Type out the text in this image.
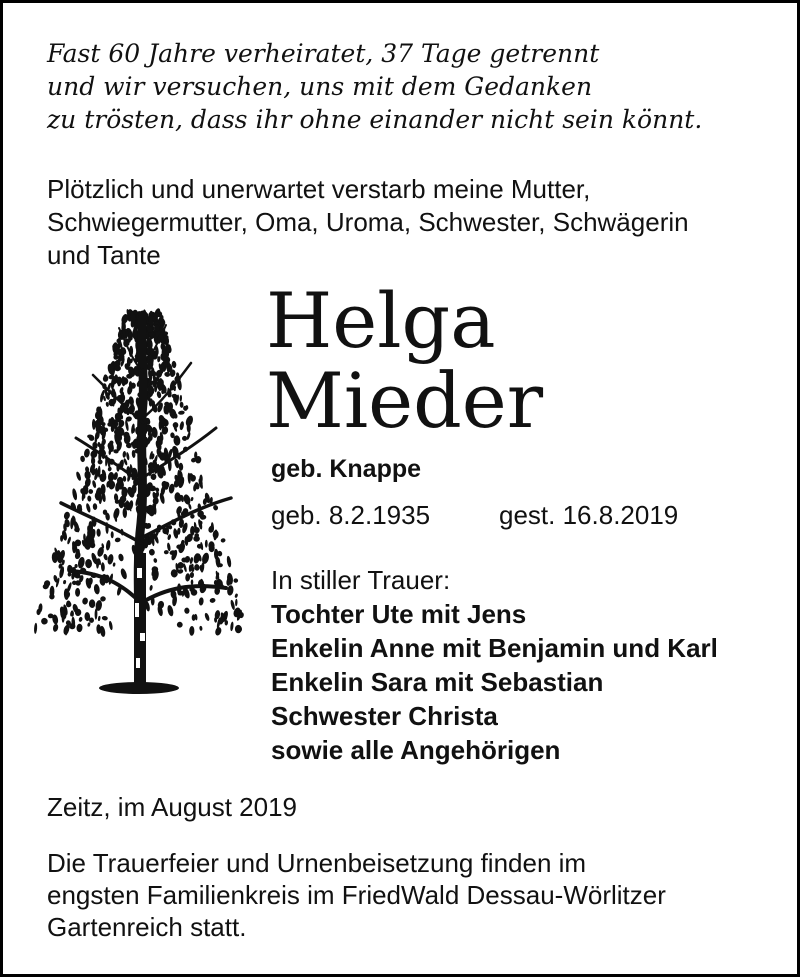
Fast 60 Jahre verheiratet, 37 Tage getrennt
und wir versuchen, uns mit dem Gedanken
zu trösten, dass ihr ohne einander nicht sein könnt.
Plötzlich und unerwartet verstarb meine Mutter,
Schwiegermutter, Oma, Uroma, Schwester, Schwägerin
und Tante
Helga
Mieder
geb. Knappe
geb. 8.2.1935	gest. 16.8.2019
In stiller Trauer:
Tochter Ute mit Jens
Enkelin Anne mit Benjamin und Karl
Enkelin Sara mit Sebastian
Schwester Christa
sowie alle Angehörigen
Zeitz, im August 2019
Die Trauerfeier und Urnenbeisetzung finden im
engsten Familienkreis im FriedWald Dessau-Wörlitzer
Gartenreich statt.
